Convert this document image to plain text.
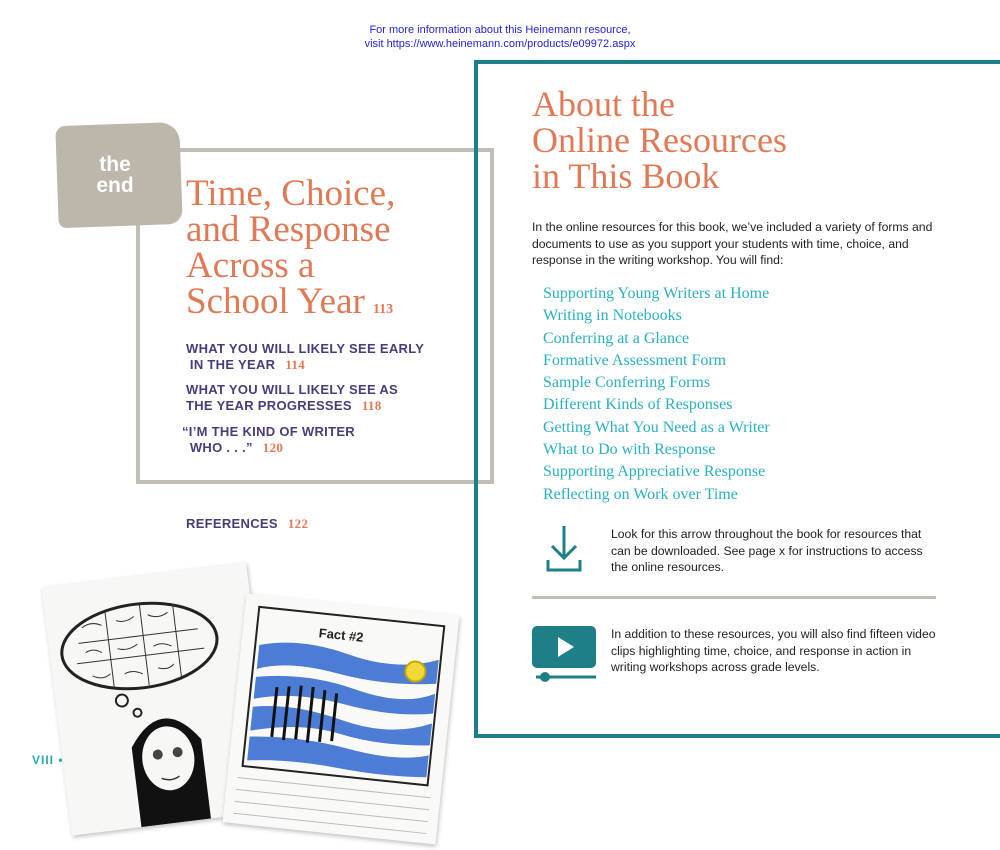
For more information about this Heinemann resource,
visit https://www.heinemann.com/products/e09972.aspx
the
end Time, Choice,
and Response
Across a
School Year 113
WHAT YOU WILL LIKELY SEE EARLY
IN THE YEAR 114
WHAT YOU WILL LIKELY SEE AS
THE YEAR PROGRESSES 118
“I’M THE KIND OF WRITER
WHO . . .” 120
REFERENCES 122
Fact #2
VIII •
About the
Online Resources
in This Book
In the online resources for this book, we’ve included a variety of forms and documents to use as you support your students with time, choice, and response in the writing workshop. You will find:
Supporting Young Writers at Home
Writing in Notebooks
Conferring at a Glance
Formative Assessment Form
Sample Conferring Forms
Different Kinds of Responses
Getting What You Need as a Writer
What to Do with Response
Supporting Appreciative Response
Reflecting on Work over Time
Look for this arrow throughout the book for resources that can be downloaded. See page x for instructions to access the online resources.
In addition to these resources, you will also find fifteen video clips highlighting time, choice, and response in action in writing workshops across grade levels.
